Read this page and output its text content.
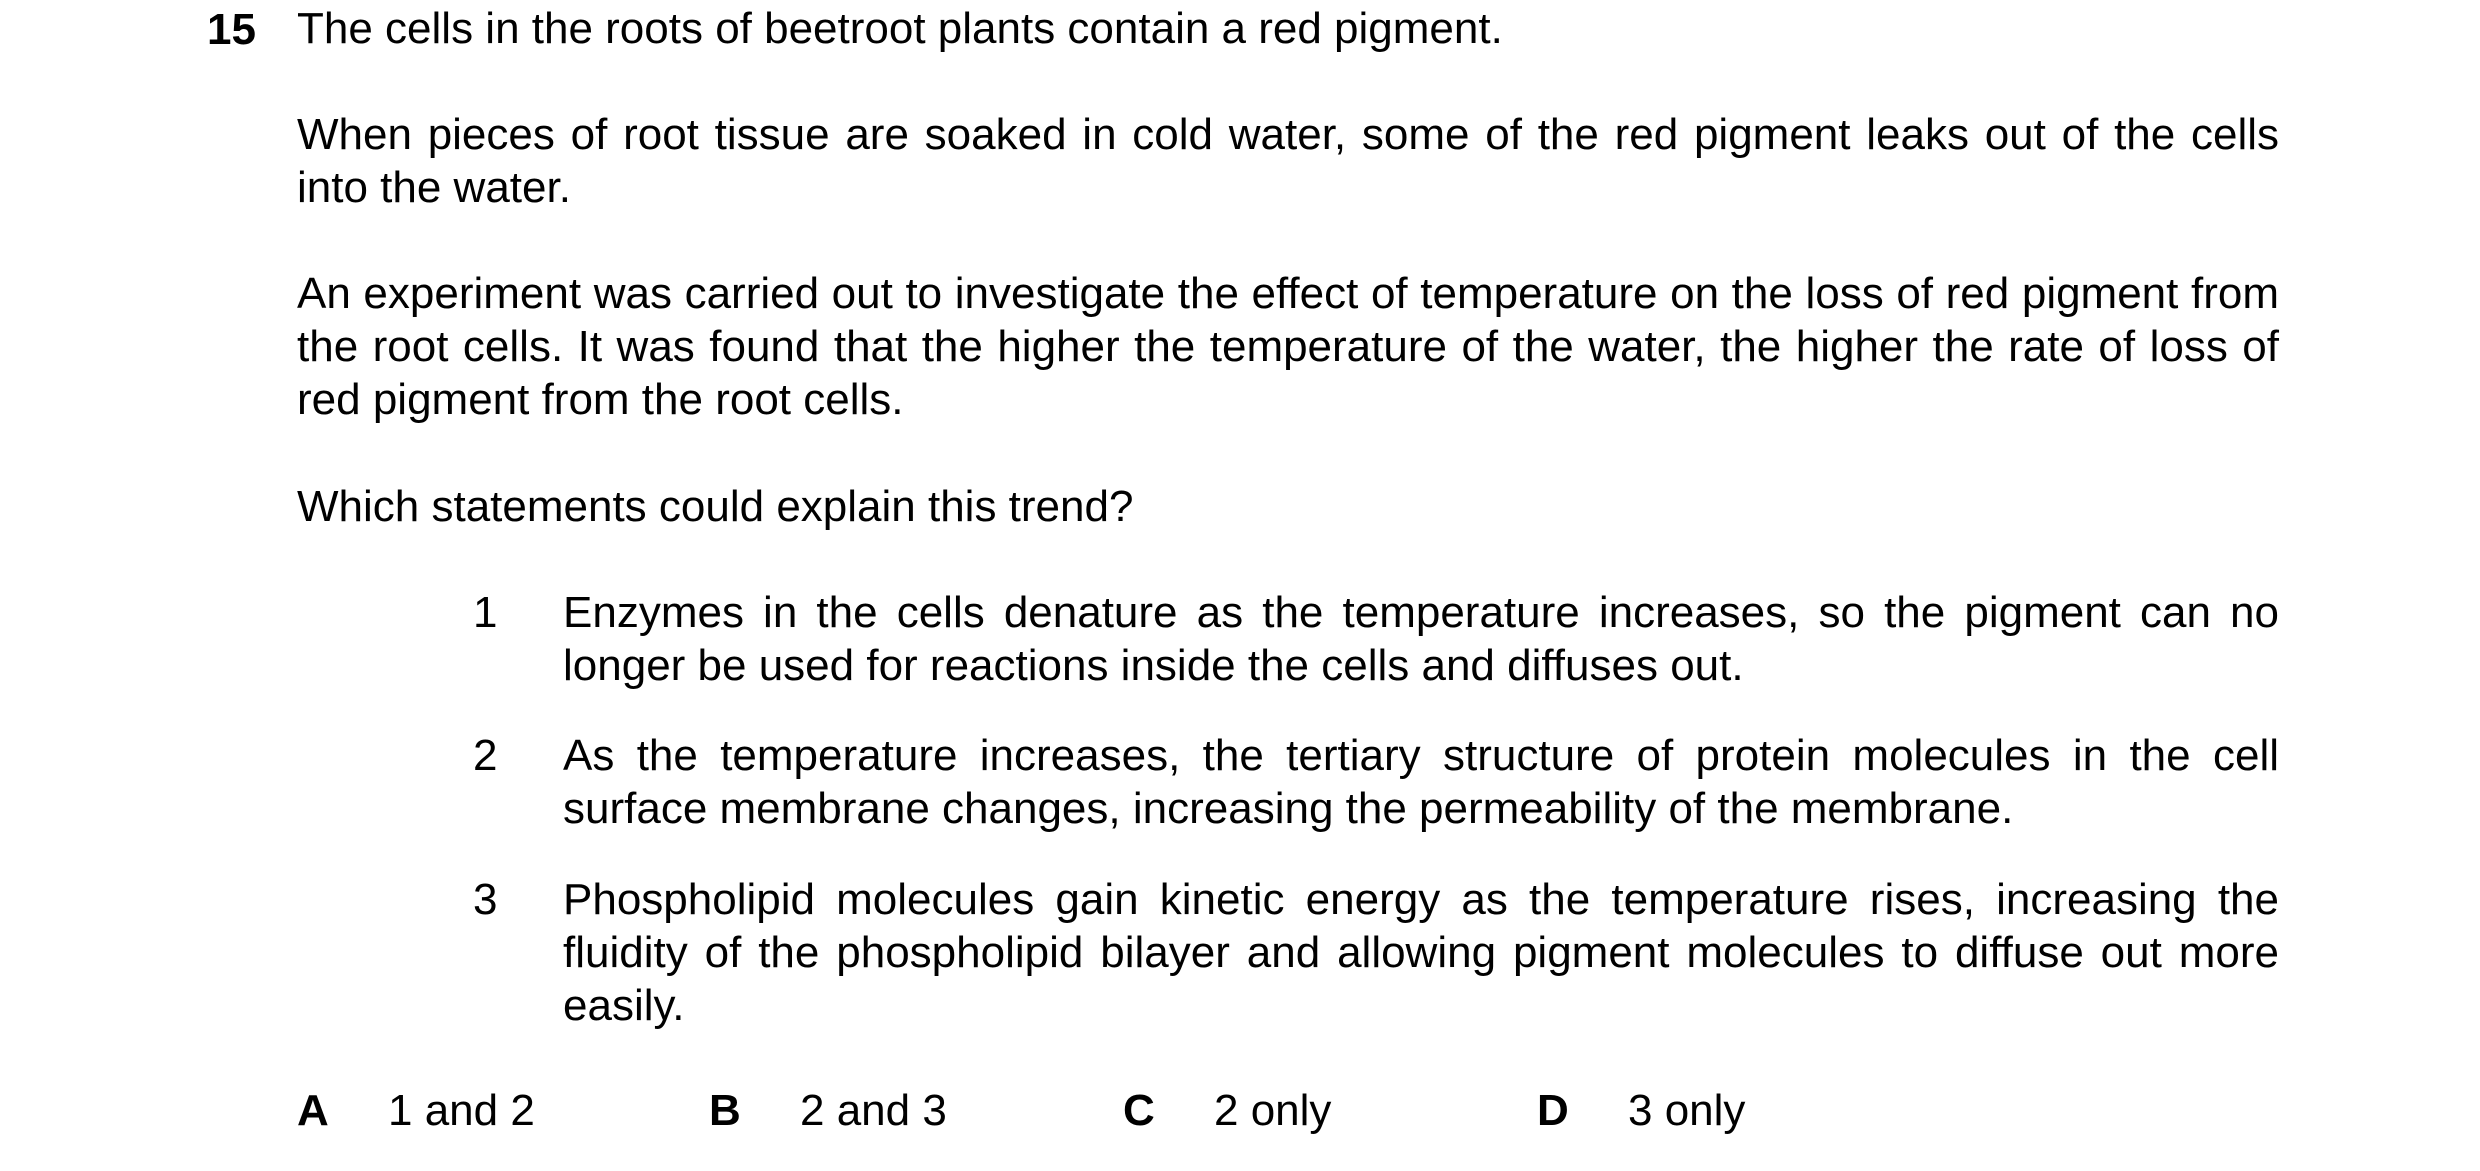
15 The cells in the roots of beetroot plants contain a red pigment.
When pieces of root tissue are soaked in cold water, some of the red pigment leaks out of the cells into the water.
An experiment was carried out to investigate the effect of temperature on the loss of red pigment from the root cells. It was found that the higher the temperature of the water, the higher the rate of loss of red pigment from the root cells.
Which statements could explain this trend?
1 Enzymes in the cells denature as the temperature increases, so the pigment can no longer be used for reactions inside the cells and diffuses out.
2 As the temperature increases, the tertiary structure of protein molecules in the cell surface membrane changes, increasing the permeability of the membrane.
3 Phospholipid molecules gain kinetic energy as the temperature rises, increasing the fluidity of the phospholipid bilayer and allowing pigment molecules to diffuse out more easily.
A 1 and 2	B 2 and 3	C 2 only	D 3 only
